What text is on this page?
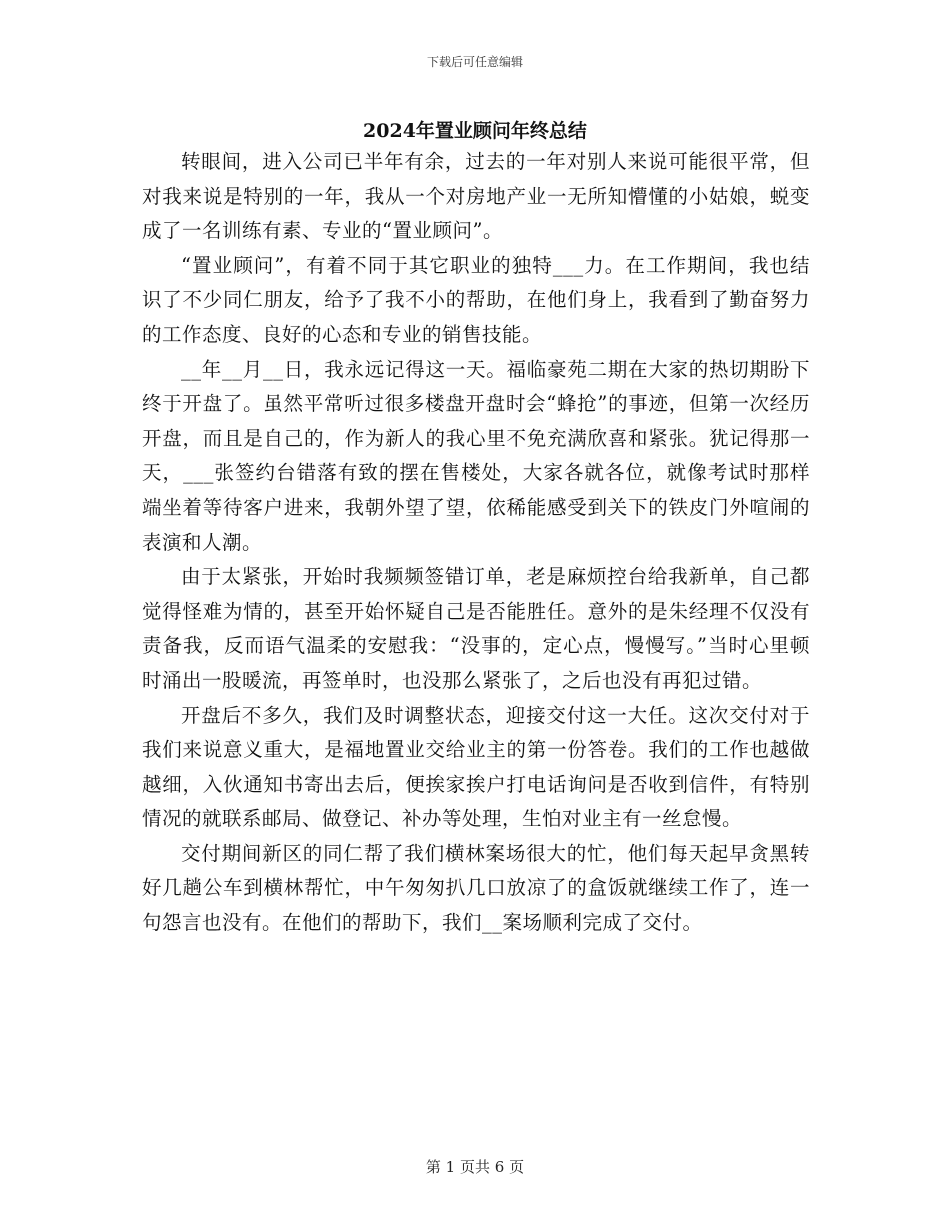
下载后可任意编辑
2024年置业顾问年终总结

转眼间，进入公司已半年有余，过去的一年对别人来说可能很平常，但对我来说是特别的一年，我从一个对房地产业一无所知懵懂的小姑娘，蜕变成了一名训练有素、专业的“置业顾问”。

“置业顾问”，有着不同于其它职业的独特___力。在工作期间，我也结识了不少同仁朋友，给予了我不小的帮助，在他们身上，我看到了勤奋努力的工作态度、良好的心态和专业的销售技能。

__年__月__日，我永远记得这一天。福临豪苑二期在大家的热切期盼下终于开盘了。虽然平常听过很多楼盘开盘时会“蜂抢”的事迹，但第一次经历开盘，而且是自己的，作为新人的我心里不免充满欣喜和紧张。犹记得那一天，___张签约台错落有致的摆在售楼处，大家各就各位，就像考试时那样端坐着等待客户进来，我朝外望了望，依稀能感受到关下的铁皮门外喧闹的表演和人潮。

由于太紧张，开始时我频频签错订单，老是麻烦控台给我新单，自己都觉得怪难为情的，甚至开始怀疑自己是否能胜任。意外的是朱经理不仅没有责备我，反而语气温柔的安慰我：“没事的，定心点，慢慢写。”当时心里顿时涌出一股暖流，再签单时，也没那么紧张了，之后也没有再犯过错。

开盘后不多久，我们及时调整状态，迎接交付这一大任。这次交付对于我们来说意义重大，是福地置业交给业主的第一份答卷。我们的工作也越做越细，入伙通知书寄出去后，便挨家挨户打电话询问是否收到信件，有特别情况的就联系邮局、做登记、补办等处理，生怕对业主有一丝怠慢。

交付期间新区的同仁帮了我们横林案场很大的忙，他们每天起早贪黑转好几趟公车到横林帮忙，中午匆匆扒几口放凉了的盒饭就继续工作了，连一句怨言也没有。在他们的帮助下，我们__案场顺利完成了交付。

第 1 页共 6 页
